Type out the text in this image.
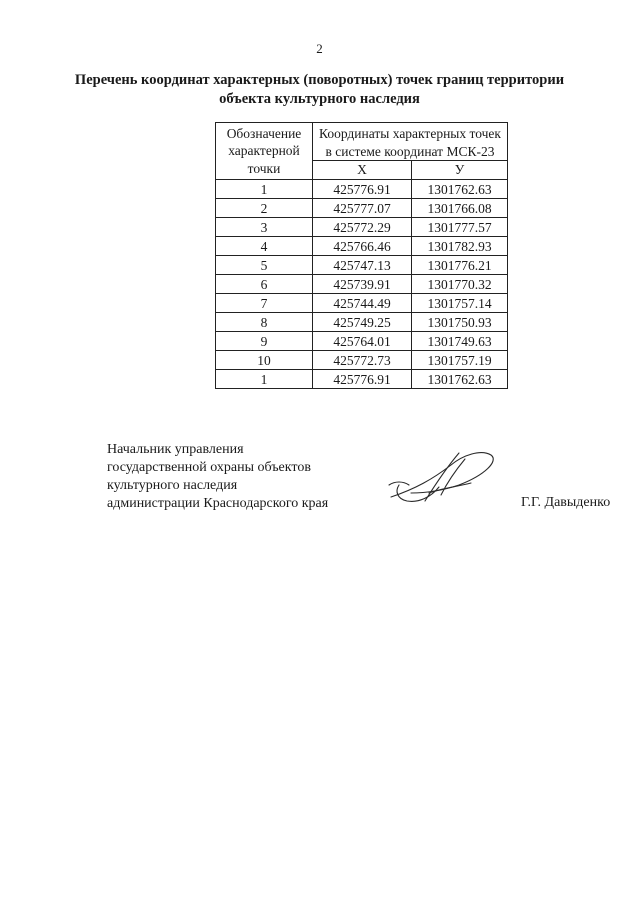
2
Перечень координат характерных (поворотных) точек границ территории
объекта культурного наследия
Обозначение характерной точки	Координаты характерных точек в системе координат МСК-23	
	X	У
1	425776.91	1301762.63
2	425777.07	1301766.08
3	425772.29	1301777.57
4	425766.46	1301782.93
5	425747.13	1301776.21
6	425739.91	1301770.32
7	425744.49	1301757.14
8	425749.25	1301750.93
9	425764.01	1301749.63
10	425772.73	1301757.19
1	425776.91	1301762.63
Начальник управления
государственной охраны объектов
культурного наследия
администрации Краснодарского края	Г.Г. Давыденко
